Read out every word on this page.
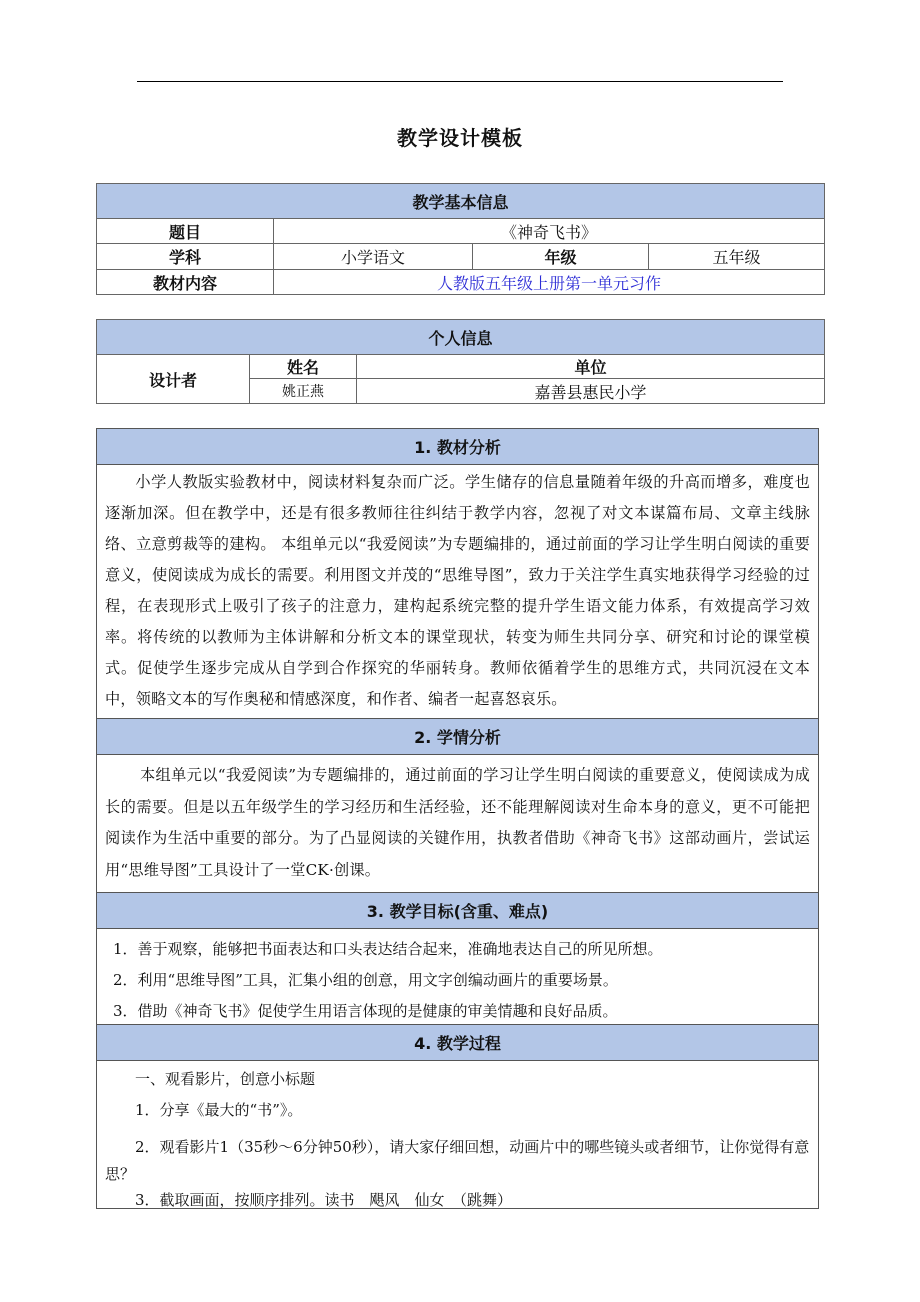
教学设计模板
教学基本信息			
题目	《神奇飞书》		
学科	小学语文	年级	五年级
教材内容	人教版五年级上册第一单元习作		
个人信息		
设计者	姓名	单位
	姚正燕	嘉善县惠民小学
1. 教材分析
小学人教版实验教材中，阅读材料复杂而广泛。学生储存的信息量随着年级的升高而增多，难度也逐渐加深。但在教学中，还是有很多教师往往纠结于教学内容，忽视了对文本谋篇布局、文章主线脉络、立意剪裁等的建构。 本组单元以“我爱阅读”为专题编排的，通过前面的学习让学生明白阅读的重要意义，使阅读成为成长的需要。利用图文并茂的“思维导图”，致力于关注学生真实地获得学习经验的过程，在表现形式上吸引了孩子的注意力，建构起系统完整的提升学生语文能力体系，有效提高学习效率。将传统的以教师为主体讲解和分析文本的课堂现状，转变为师生共同分享、研究和讨论的课堂模式。促使学生逐步完成从自学到合作探究的华丽转身。教师依循着学生的思维方式，共同沉浸在文本中，领略文本的写作奥秘和情感深度，和作者、编者一起喜怒哀乐。
2. 学情分析
本组单元以“我爱阅读”为专题编排的，通过前面的学习让学生明白阅读的重要意义，使阅读成为成长的需要。但是以五年级学生的学习经历和生活经验，还不能理解阅读对生命本身的意义，更不可能把阅读作为生活中重要的部分。为了凸显阅读的关键作用，执教者借助《神奇飞书》这部动画片，尝试运用“思维导图”工具设计了一堂CK·创课。
3. 教学目标(含重、难点)

1．善于观察，能够把书面表达和口头表达结合起来，准确地表达自己的所见所想。
2．利用“思维导图”工具，汇集小组的创意，用文字创编动画片的重要场景。
3．借助《神奇飞书》促使学生用语言体现的是健康的审美情趣和良好品质。

4. 教学过程

一、观看影片，创意小标题
1．分享《最大的“书”》。
2．观看影片1（35秒～6分钟50秒），请大家仔细回想，动画片中的哪些镜头或者细节，让你觉得有意思？
3．截取画面，按顺序排列。读书　飓风　仙女　（跳舞）
